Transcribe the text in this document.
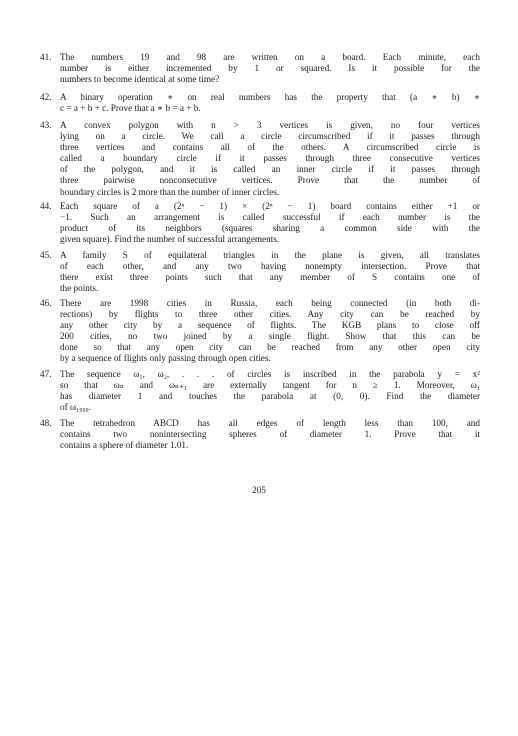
41. The numbers 19 and 98 are written on a board. Each minute, each
number is either incremented by 1 or squared. Is it possible for the
numbers to become identical at some time?
42. A binary operation ∗ on real numbers has the property that (a ∗ b) ∗
c = a + b + c. Prove that a ∗ b = a + b.
43. A convex polygon with n > 3 vertices is given, no four vertices
lying on a circle. We call a circle circumscribed if it passes through
three vertices and contains all of the others. A circumscribed circle is
called a boundary circle if it passes through three consecutive vertices
of the polygon, and it is called an inner circle if it passes through
three pairwise nonconsecutive vertices. Prove that the number of
boundary circles is 2 more than the number of inner circles.
44. Each square of a (2ⁿ − 1) × (2ⁿ − 1) board contains either +1 or
−1. Such an arrangement is called successful if each number is the
product of its neighbors (squares sharing a common side with the
given square). Find the number of successful arrangements.
45. A family S of equilateral triangles in the plane is given, all translates
of each other, and any two having nonempty intersection. Prove that
there exist three points such that any member of S contains one of
the points.
46. There are 1998 cities in Russia, each being connected (in both di-
rections) by flights to three other cities. Any city can be reached by
any other city by a sequence of flights. The KGB plans to close off
200 cities, no two joined by a single flight. Show that this can be
done so that any open city can be reached from any other open city
by a sequence of flights only passing through open cities.
47. The sequence ω₁, ω₂, . . . of circles is inscribed in the parabola y = x²
so that ωₙ and ωₙ₊₁ are externally tangent for n ≥ 1. Moreover, ω₁
has diameter 1 and touches the parabola at (0, 0). Find the diameter
of ω₁₉₉₈.
48. The tetrahedron ABCD has all edges of length less than 100, and
contains two nonintersecting spheres of diameter 1. Prove that it
contains a sphere of diameter 1.01.
205
